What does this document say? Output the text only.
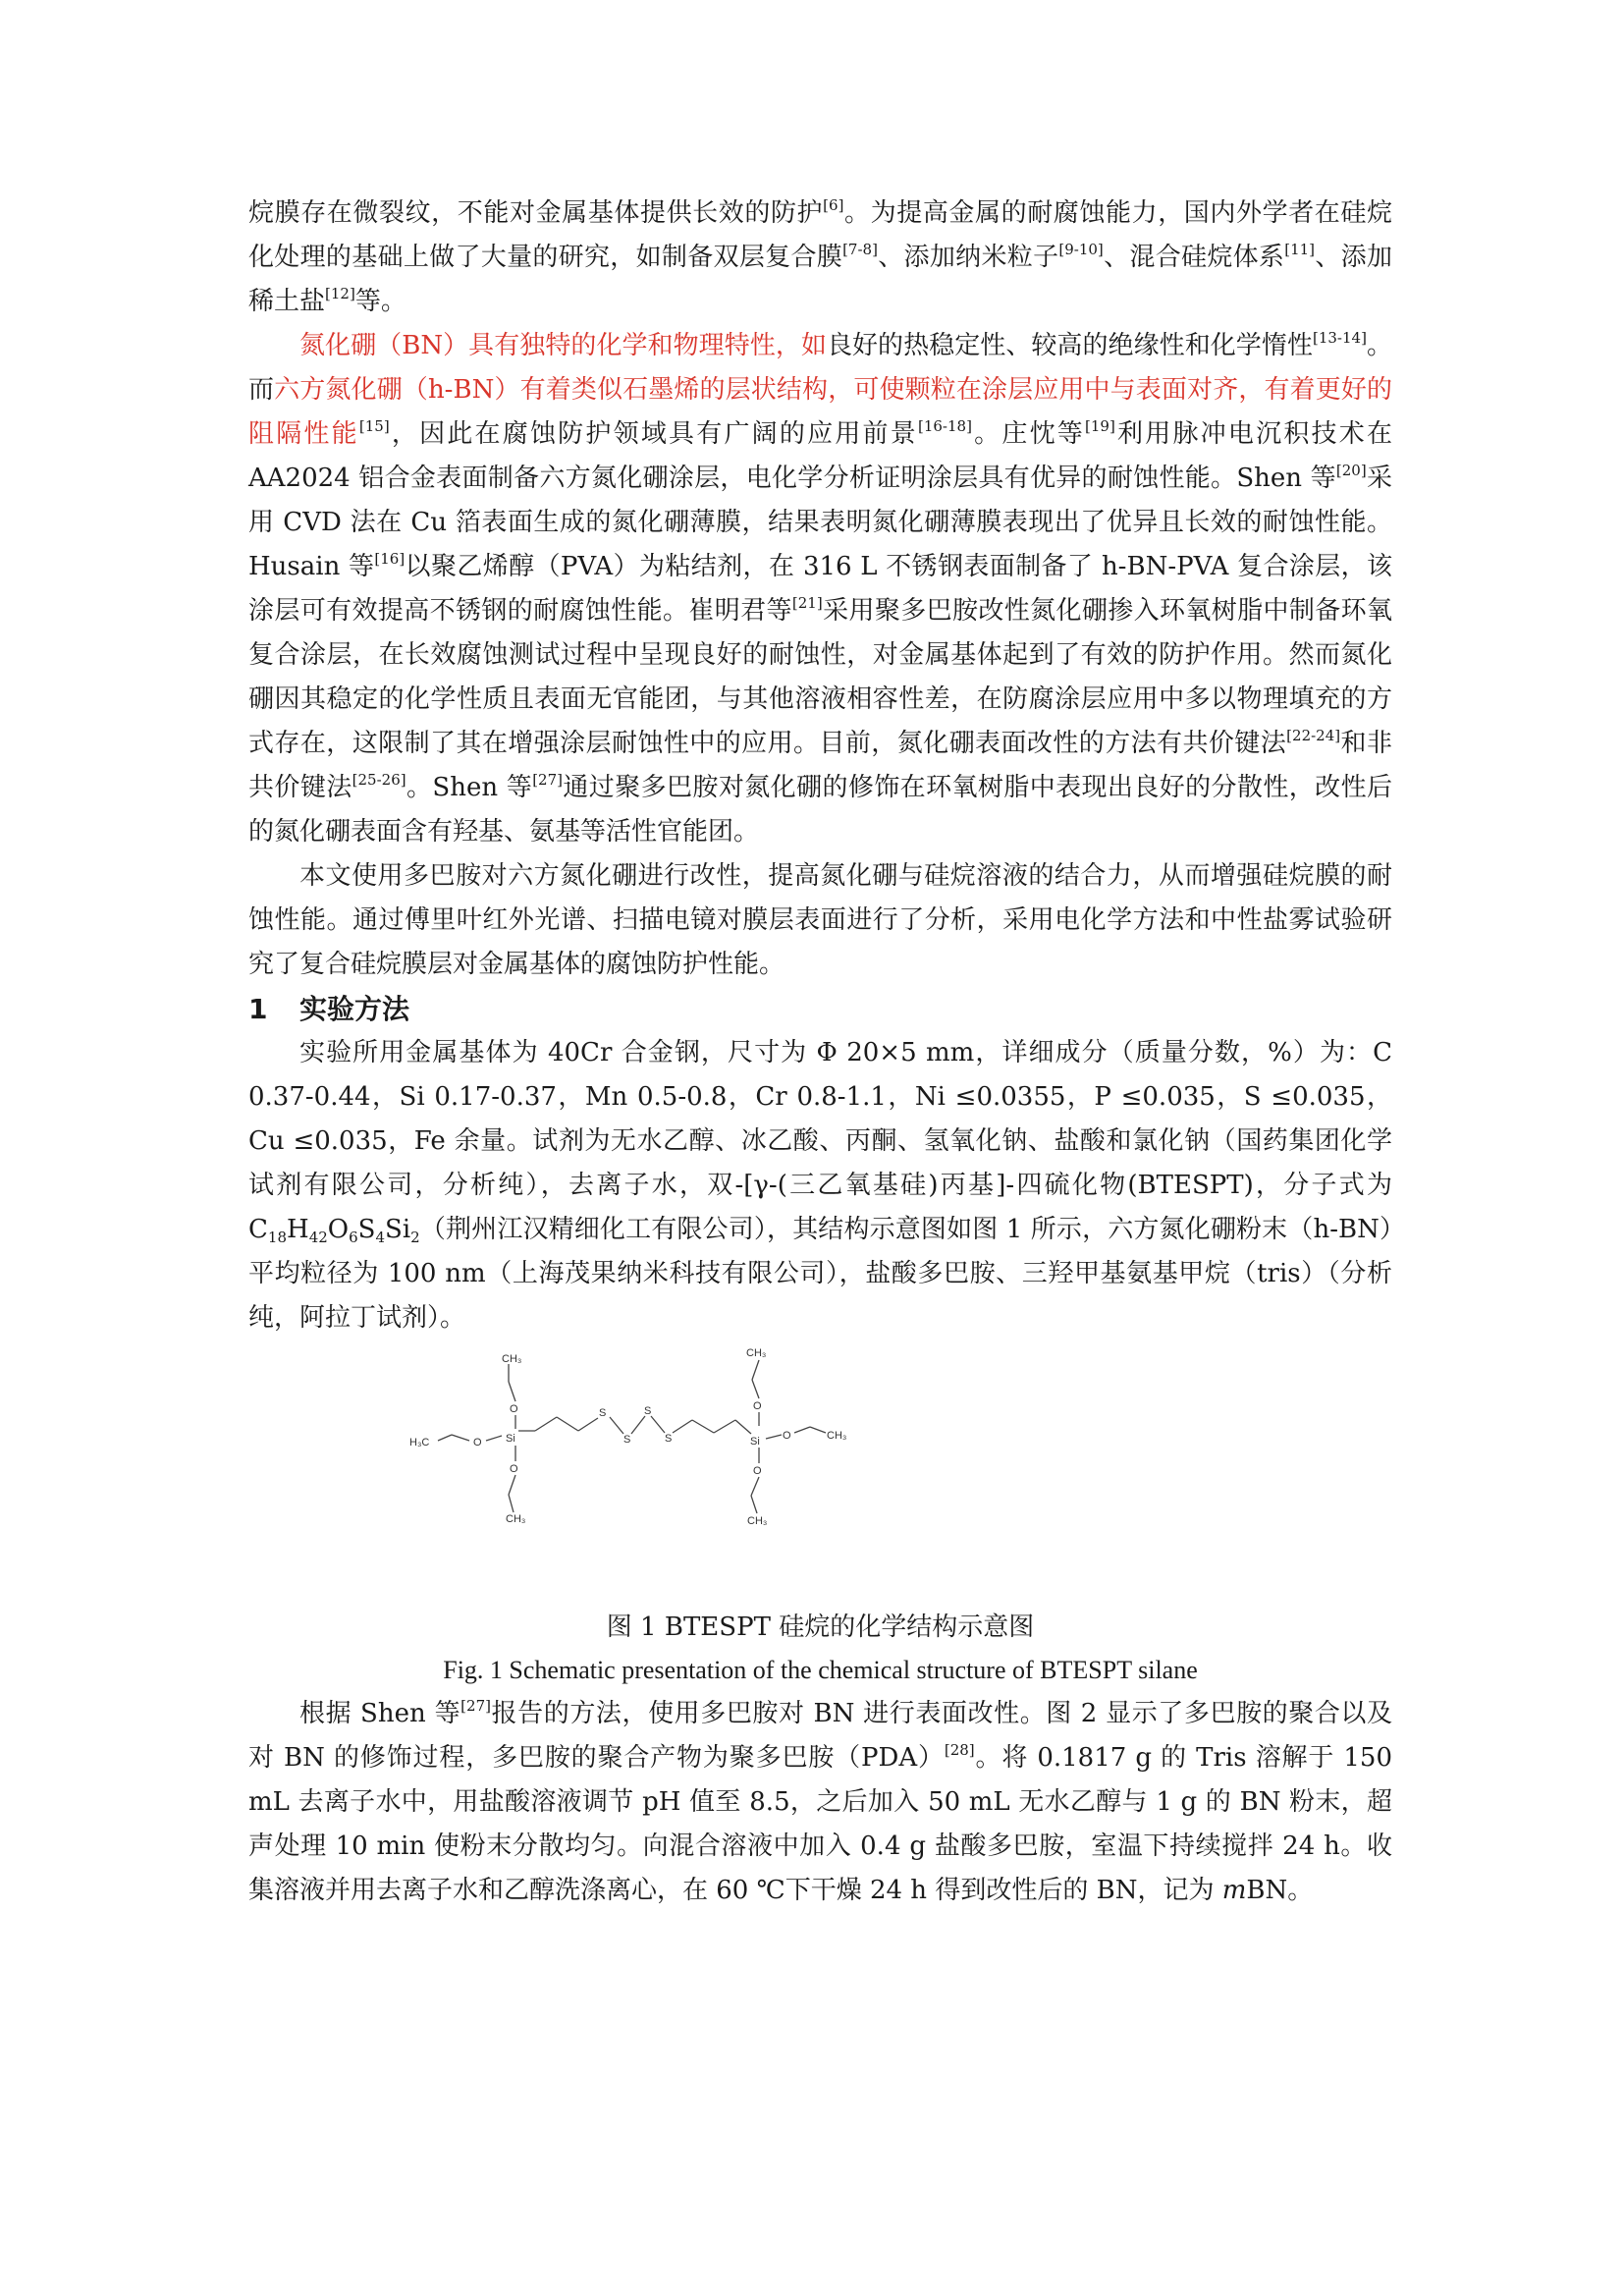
烷膜存在微裂纹，不能对金属基体提供长效的防护[6]。为提高金属的耐腐蚀能力，国内外学者在硅烷化处理的基础上做了大量的研究，如制备双层复合膜[7-8]、添加纳米粒子[9-10]、混合硅烷体系[11]、添加稀土盐[12]等。

氮化硼（BN）具有独特的化学和物理特性，如良好的热稳定性、较高的绝缘性和化学惰性[13-14]。而六方氮化硼（h-BN）有着类似石墨烯的层状结构，可使颗粒在涂层应用中与表面对齐，有着更好的阻隔性能[15]，因此在腐蚀防护领域具有广阔的应用前景[16-18]。庄忱等[19]利用脉冲电沉积技术在 AA2024 铝合金表面制备六方氮化硼涂层，电化学分析证明涂层具有优异的耐蚀性能。Shen 等[20]采用 CVD 法在 Cu 箔表面生成的氮化硼薄膜，结果表明氮化硼薄膜表现出了优异且长效的耐蚀性能。Husain 等[16]以聚乙烯醇（PVA）为粘结剂，在 316 L 不锈钢表面制备了 h-BN-PVA 复合涂层，该涂层可有效提高不锈钢的耐腐蚀性能。崔明君等[21]采用聚多巴胺改性氮化硼掺入环氧树脂中制备环氧复合涂层，在长效腐蚀测试过程中呈现良好的耐蚀性，对金属基体起到了有效的防护作用。然而氮化硼因其稳定的化学性质且表面无官能团，与其他溶液相容性差，在防腐涂层应用中多以物理填充的方式存在，这限制了其在增强涂层耐蚀性中的应用。目前，氮化硼表面改性的方法有共价键法[22-24]和非共价键法[25-26]。Shen 等[27]通过聚多巴胺对氮化硼的修饰在环氧树脂中表现出良好的分散性，改性后的氮化硼表面含有羟基、氨基等活性官能团。

本文使用多巴胺对六方氮化硼进行改性，提高氮化硼与硅烷溶液的结合力，从而增强硅烷膜的耐蚀性能。通过傅里叶红外光谱、扫描电镜对膜层表面进行了分析，采用电化学方法和中性盐雾试验研究了复合硅烷膜层对金属基体的腐蚀防护性能。

1 实验方法

实验所用金属基体为 40Cr 合金钢，尺寸为 Φ 20×5 mm，详细成分（质量分数，%）为：C 0.37-0.44，Si 0.17-0.37，Mn 0.5-0.8，Cr 0.8-1.1，Ni ≤0.0355，P ≤0.035，S ≤0.035，Cu ≤0.035，Fe 余量。试剂为无水乙醇、冰乙酸、丙酮、氢氧化钠、盐酸和氯化钠（国药集团化学试剂有限公司，分析纯），去离子水，双-[γ-(三乙氧基硅)丙基]-四硫化物(BTESPT)，分子式为 $C_{18}H_{42}O_6S_4Si_2$（荆州江汉精细化工有限公司），其结构示意图如图 1 所示，六方氮化硼粉末（h-BN）平均粒径为 100 nm（上海茂果纳米科技有限公司），盐酸多巴胺、三羟甲基氨基甲烷（tris）（分析纯，阿拉丁试剂）。

CH₃
O
Si
O
H₃C
O
CH₃
S
S
S
S
CH₃
O
Si O	CH₃
O
CH₃
图 1 BTESPT 硅烷的化学结构示意图
Fig. 1 Schematic presentation of the chemical structure of BTESPT silane

根据 Shen 等[27]报告的方法，使用多巴胺对 BN 进行表面改性。图 2 显示了多巴胺的聚合以及对 BN 的修饰过程，多巴胺的聚合产物为聚多巴胺（PDA）[28]。将 0.1817 g 的 Tris 溶解于 150 mL 去离子水中，用盐酸溶液调节 pH 值至 8.5，之后加入 50 mL 无水乙醇与 1 g 的 BN 粉末，超声处理 10 min 使粉末分散均匀。向混合溶液中加入 0.4 g 盐酸多巴胺，室温下持续搅拌 24 h。收集溶液并用去离子水和乙醇洗涤离心，在 60 ℃下干燥 24 h 得到改性后的 BN，记为 mBN。
